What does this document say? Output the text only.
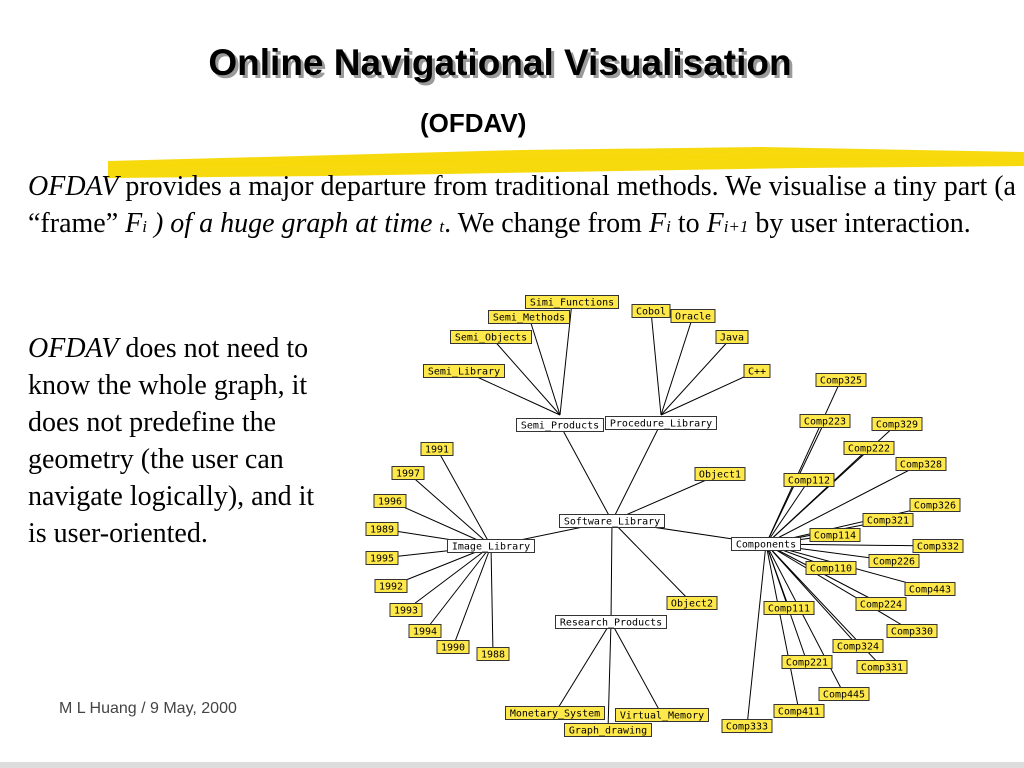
Online Navigational Visualisation
(OFDAV)
OFDAV provides a major departure from traditional methods. We visualise a tiny part (a “frame” Fi ) of a huge graph at time t. We change from Fi to Fi+1 by user interaction.
OFDAV does not need to know the whole graph, it does not predefine the geometry (the user can navigate logically), and it is user-oriented.	Software_Library
Semi_Products Procedure_Library
Image_Library	Components
Research_Products
Simi_Functions
Semi_Methods
Semi_Objects
Semi_Library
Cobol Oracle
Java
C++
Object1
Object2
1991
1997
1996
1989
1995
1992
1993
1994
1990
1988
Monetary_System Virtual_Memory
Graph_drawing
Comp325
Comp223	Comp329
Comp222
Comp328
Comp112
Comp326
Comp321
Comp114
Comp332
Comp226
Comp110
Comp443
Comp224
Comp111
Comp330
Comp324
Comp221	Comp331
Comp445
Comp411
Comp333
M L Huang / 9 May, 2000
